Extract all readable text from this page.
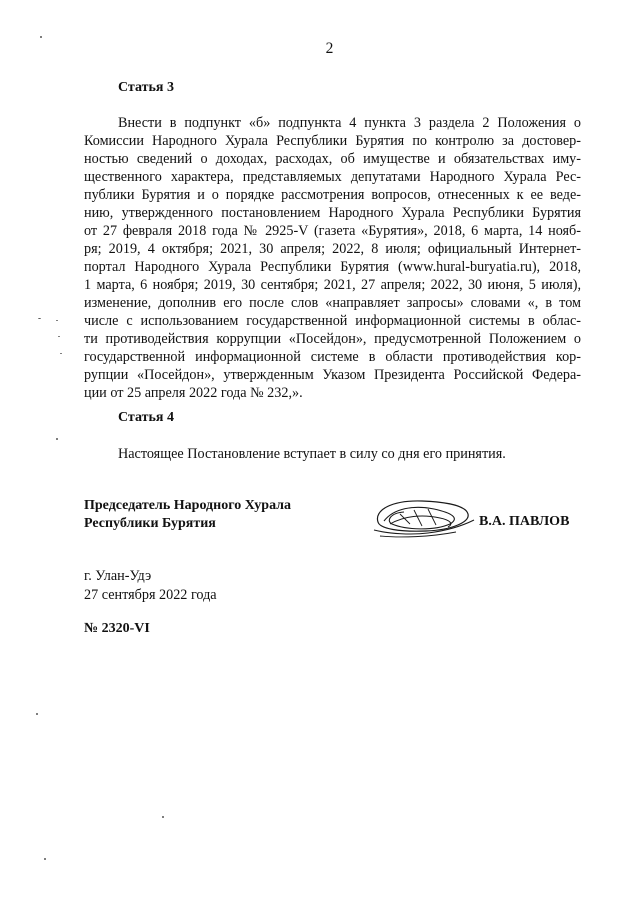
2
Статья 3
Внести в подпункт «б» подпункта 4 пункта 3 раздела 2 Положения о
Комиссии Народного Хурала Республики Бурятия по контролю за достовер-
ностью сведений о доходах, расходах, об имуществе и обязательствах иму-
щественного характера, представляемых депутатами Народного Хурала Рес-
публики Бурятия и о порядке рассмотрения вопросов, отнесенных к ее веде-
нию, утвержденного постановлением Народного Хурала Республики Бурятия
от 27 февраля 2018 года № 2925-V (газета «Бурятия», 2018, 6 марта, 14 нояб-
ря; 2019, 4 октября; 2021, 30 апреля; 2022, 8 июля; официальный Интернет-
портал Народного Хурала Республики Бурятия (www.hural-buryatia.ru), 2018,
1 марта, 6 ноября; 2019, 30 сентября; 2021, 27 апреля; 2022, 30 июня, 5 июля),
изменение, дополнив его после слов «направляет запросы» словами «, в том
числе с использованием государственной информационной системы в облас-
ти противодействия коррупции «Посейдон», предусмотренной Положением о
государственной информационной системе в области противодействия кор-
рупции «Посейдон», утвержденным Указом Президента Российской Федера-
ции от 25 апреля 2022 года № 232,».
Статья 4
Настоящее Постановление вступает в силу со дня его принятия.
Председатель Народного Хурала
Республики Бурятия	В.А. ПАВЛОВ
г. Улан-Удэ
27 сентября 2022 года
№ 2320-VI
